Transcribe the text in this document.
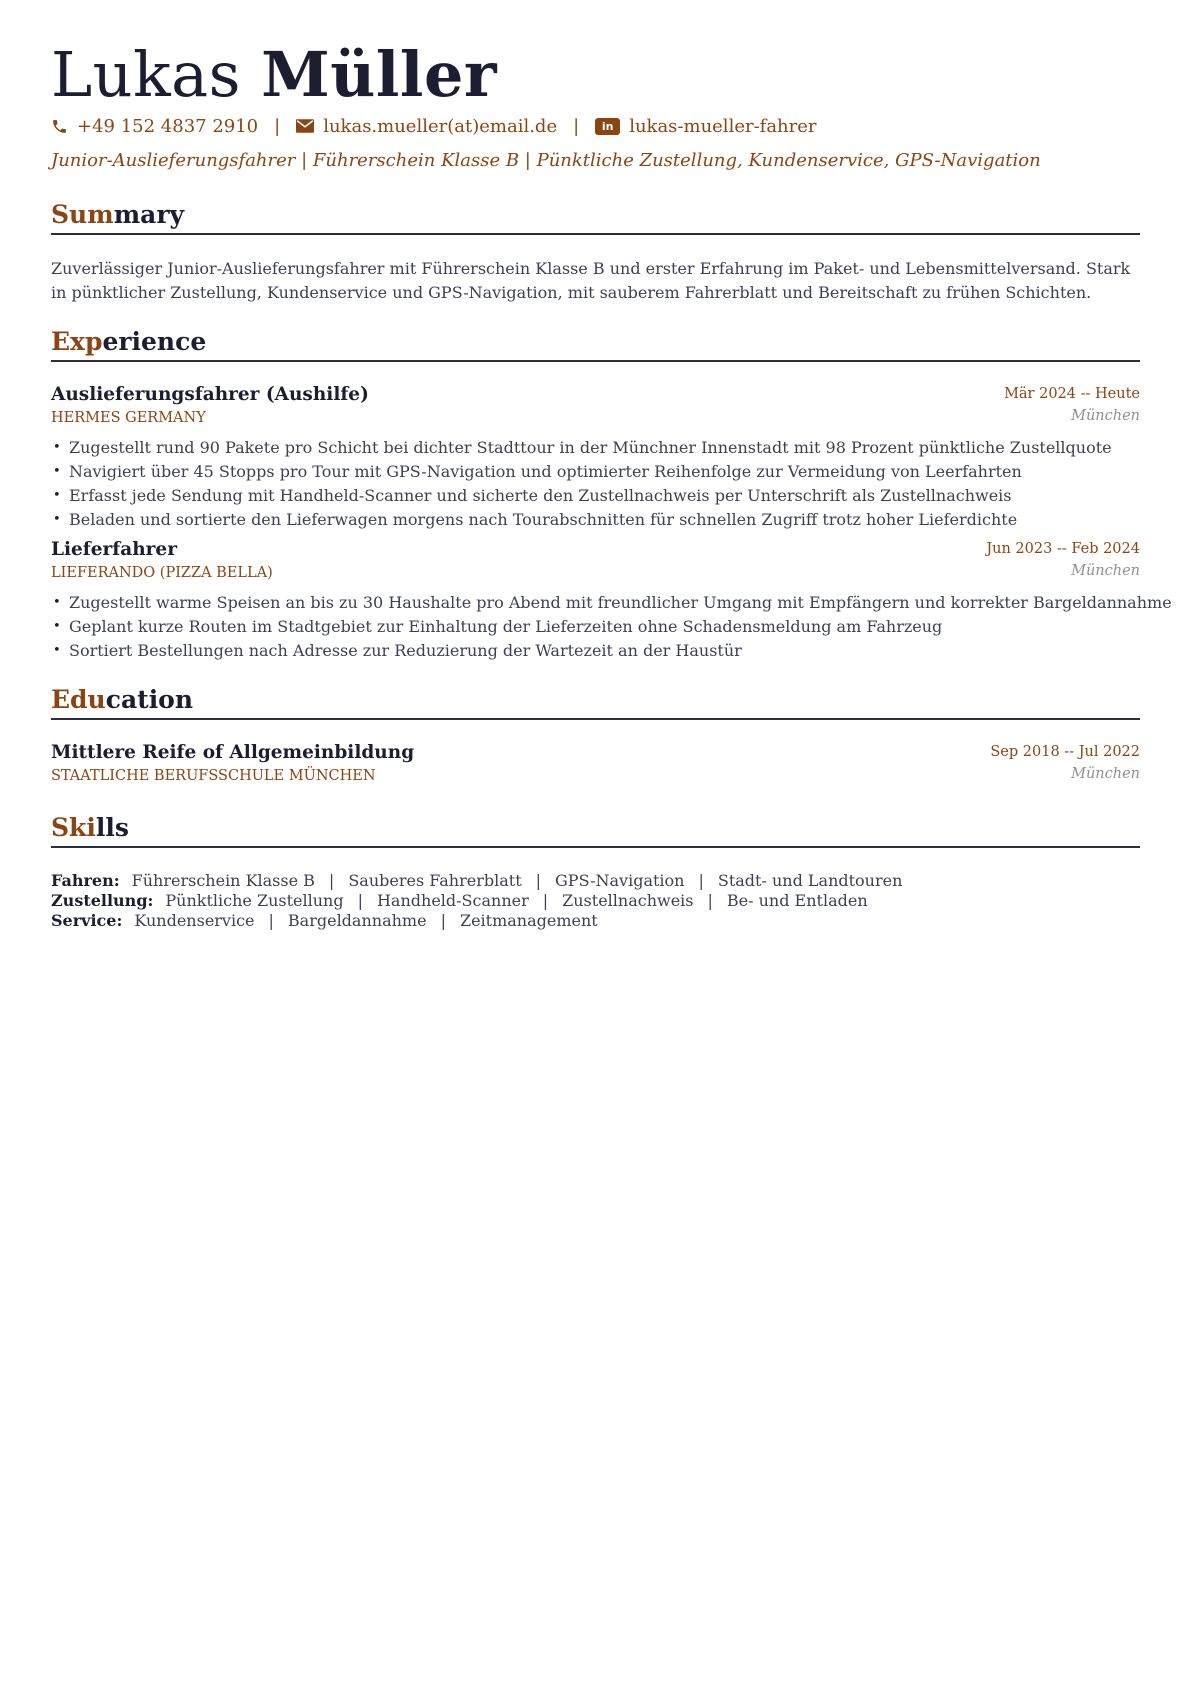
Lukas Müller
+49 152 4837 2910 | lukas.mueller(at)email.de |	in lukas-mueller-fahrer
Junior-Auslieferungsfahrer | Führerschein Klasse B | Pünktliche Zustellung, Kundenservice, GPS-Navigation
Summary
Zuverlässiger Junior-Auslieferungsfahrer mit Führerschein Klasse B und erster Erfahrung im Paket- und Lebensmittelversand. Stark in pünktlicher Zustellung, Kundenservice und GPS-Navigation, mit sauberem Fahrerblatt und Bereitschaft zu frühen Schichten.
Experience
Auslieferungsfahrer (Aushilfe)	Mär 2024 -- Heute
HERMES GERMANY	München
• Zugestellt rund 90 Pakete pro Schicht bei dichter Stadttour in der Münchner Innenstadt mit 98 Prozent pünktliche Zustellquote
• Navigiert über 45 Stopps pro Tour mit GPS-Navigation und optimierter Reihenfolge zur Vermeidung von Leerfahrten
• Erfasst jede Sendung mit Handheld-Scanner und sicherte den Zustellnachweis per Unterschrift als Zustellnachweis
• Beladen und sortierte den Lieferwagen morgens nach Tourabschnitten für schnellen Zugriff trotz hoher Lieferdichte
Lieferfahrer	Jun 2023 -- Feb 2024
LIEFERANDO (PIZZA BELLA)	München
• Zugestellt warme Speisen an bis zu 30 Haushalte pro Abend mit freundlicher Umgang mit Empfängern und korrekter Bargeldannahme
• Geplant kurze Routen im Stadtgebiet zur Einhaltung der Lieferzeiten ohne Schadensmeldung am Fahrzeug
• Sortiert Bestellungen nach Adresse zur Reduzierung der Wartezeit an der Haustür
Education
Mittlere Reife of Allgemeinbildung	Sep 2018 -- Jul 2022
STAATLICHE BERUFSSCHULE MÜNCHEN	München
Skills
Fahren: Führerschein Klasse B | Sauberes Fahrerblatt | GPS-Navigation | Stadt- und Landtouren
Zustellung: Pünktliche Zustellung | Handheld-Scanner | Zustellnachweis | Be- und Entladen
Service: Kundenservice | Bargeldannahme | Zeitmanagement
